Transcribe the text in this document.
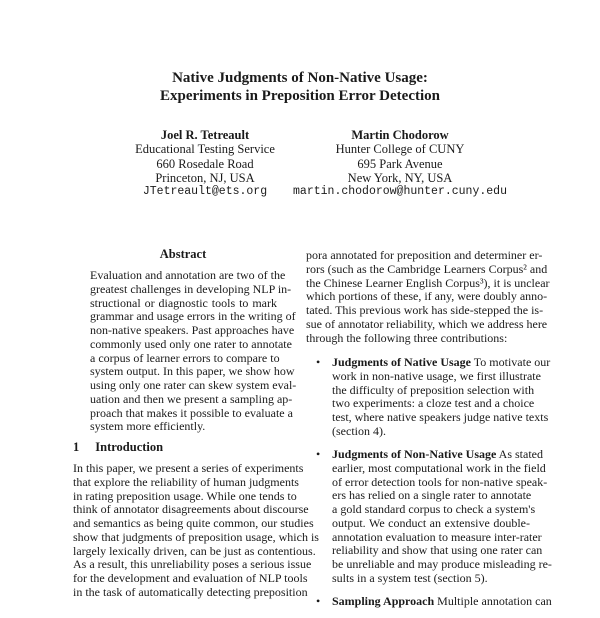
Native Judgments of Non-Native Usage:
Experiments in Preposition Error Detection
Joel R. Tetreault
Educational Testing Service
660 Rosedale Road
Princeton, NJ, USA
JTetreault@ets.org
Martin Chodorow
Hunter College of CUNY
695 Park Avenue
New York, NY, USA
martin.chodorow@hunter.cuny.edu
Abstract
Evaluation and annotation are two of the
greatest challenges in developing NLP in-
structional or diagnostic tools to mark
grammar and usage errors in the writing of
non-native speakers. Past approaches have
commonly used only one rater to annotate
a corpus of learner errors to compare to
system output. In this paper, we show how
using only one rater can skew system eval-
uation and then we present a sampling ap-
proach that makes it possible to evaluate a
system more efficiently.
1 Introduction
In this paper, we present a series of experiments
that explore the reliability of human judgments
in rating preposition usage. While one tends to
think of annotator disagreements about discourse
and semantics as being quite common, our studies
show that judgments of preposition usage, which is
largely lexically driven, can be just as contentious.
As a result, this unreliability poses a serious issue
for the development and evaluation of NLP tools
in the task of automatically detecting preposition
pora annotated for preposition and determiner er-
rors (such as the Cambridge Learners Corpus² and
the Chinese Learner English Corpus³), it is unclear
which portions of these, if any, were doubly anno-
tated. This previous work has side-stepped the is-
sue of annotator reliability, which we address here
through the following three contributions:
• Judgments of Native Usage To motivate our
work in non-native usage, we first illustrate
the difficulty of preposition selection with
two experiments: a cloze test and a choice
test, where native speakers judge native texts
(section 4).
• Judgments of Non-Native Usage As stated
earlier, most computational work in the field
of error detection tools for non-native speak-
ers has relied on a single rater to annotate
a gold standard corpus to check a system's
output. We conduct an extensive double-
annotation evaluation to measure inter-rater
reliability and show that using one rater can
be unreliable and may produce misleading re-
sults in a system test (section 5).
• Sampling Approach Multiple annotation can
